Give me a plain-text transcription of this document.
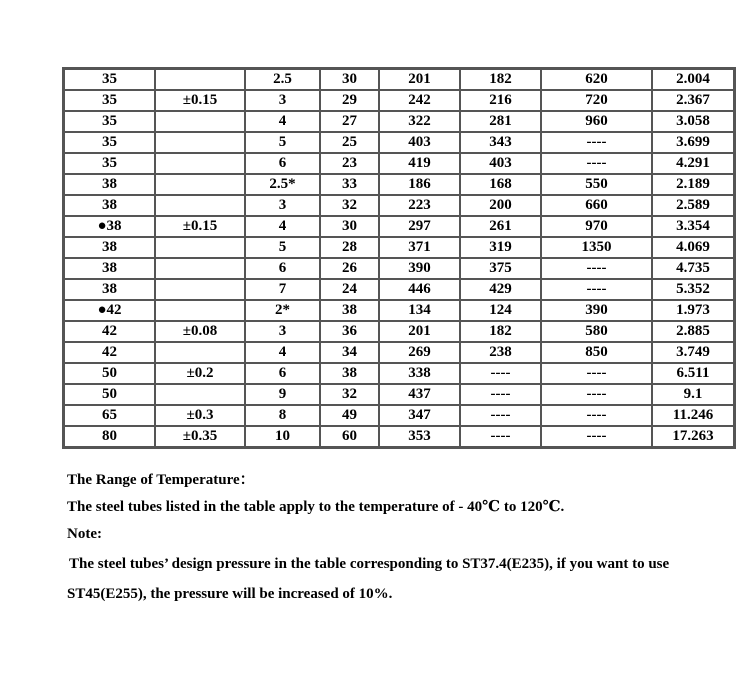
35		2.5	30	201	182	620	2.004
35	±0.15	3	29	242	216	720	2.367
35		4	27	322	281	960	3.058
35		5	25	403	343	----	3.699
35		6	23	419	403	----	4.291
38		2.5*	33	186	168	550	2.189
38		3	32	223	200	660	2.589
●38	±0.15	4	30	297	261	970	3.354
38		5	28	371	319	1350	4.069
38		6	26	390	375	----	4.735
38		7	24	446	429	----	5.352
●42		2*	38	134	124	390	1.973
42	±0.08	3	36	201	182	580	2.885
42		4	34	269	238	850	3.749
50	±0.2	6	38	338	----	----	6.511
50		9	32	437	----	----	9.1
65	±0.3	8	49	347	----	----	11.246
80	±0.35	10	60	353	----	----	17.263
The Range of Temperature：
The steel tubes listed in the table apply to the temperature of - 40℃ to 120℃.
Note:
The steel tubes’ design pressure in the table corresponding to ST37.4(E235), if you want to use
ST45(E255), the pressure will be increased of 10%.
